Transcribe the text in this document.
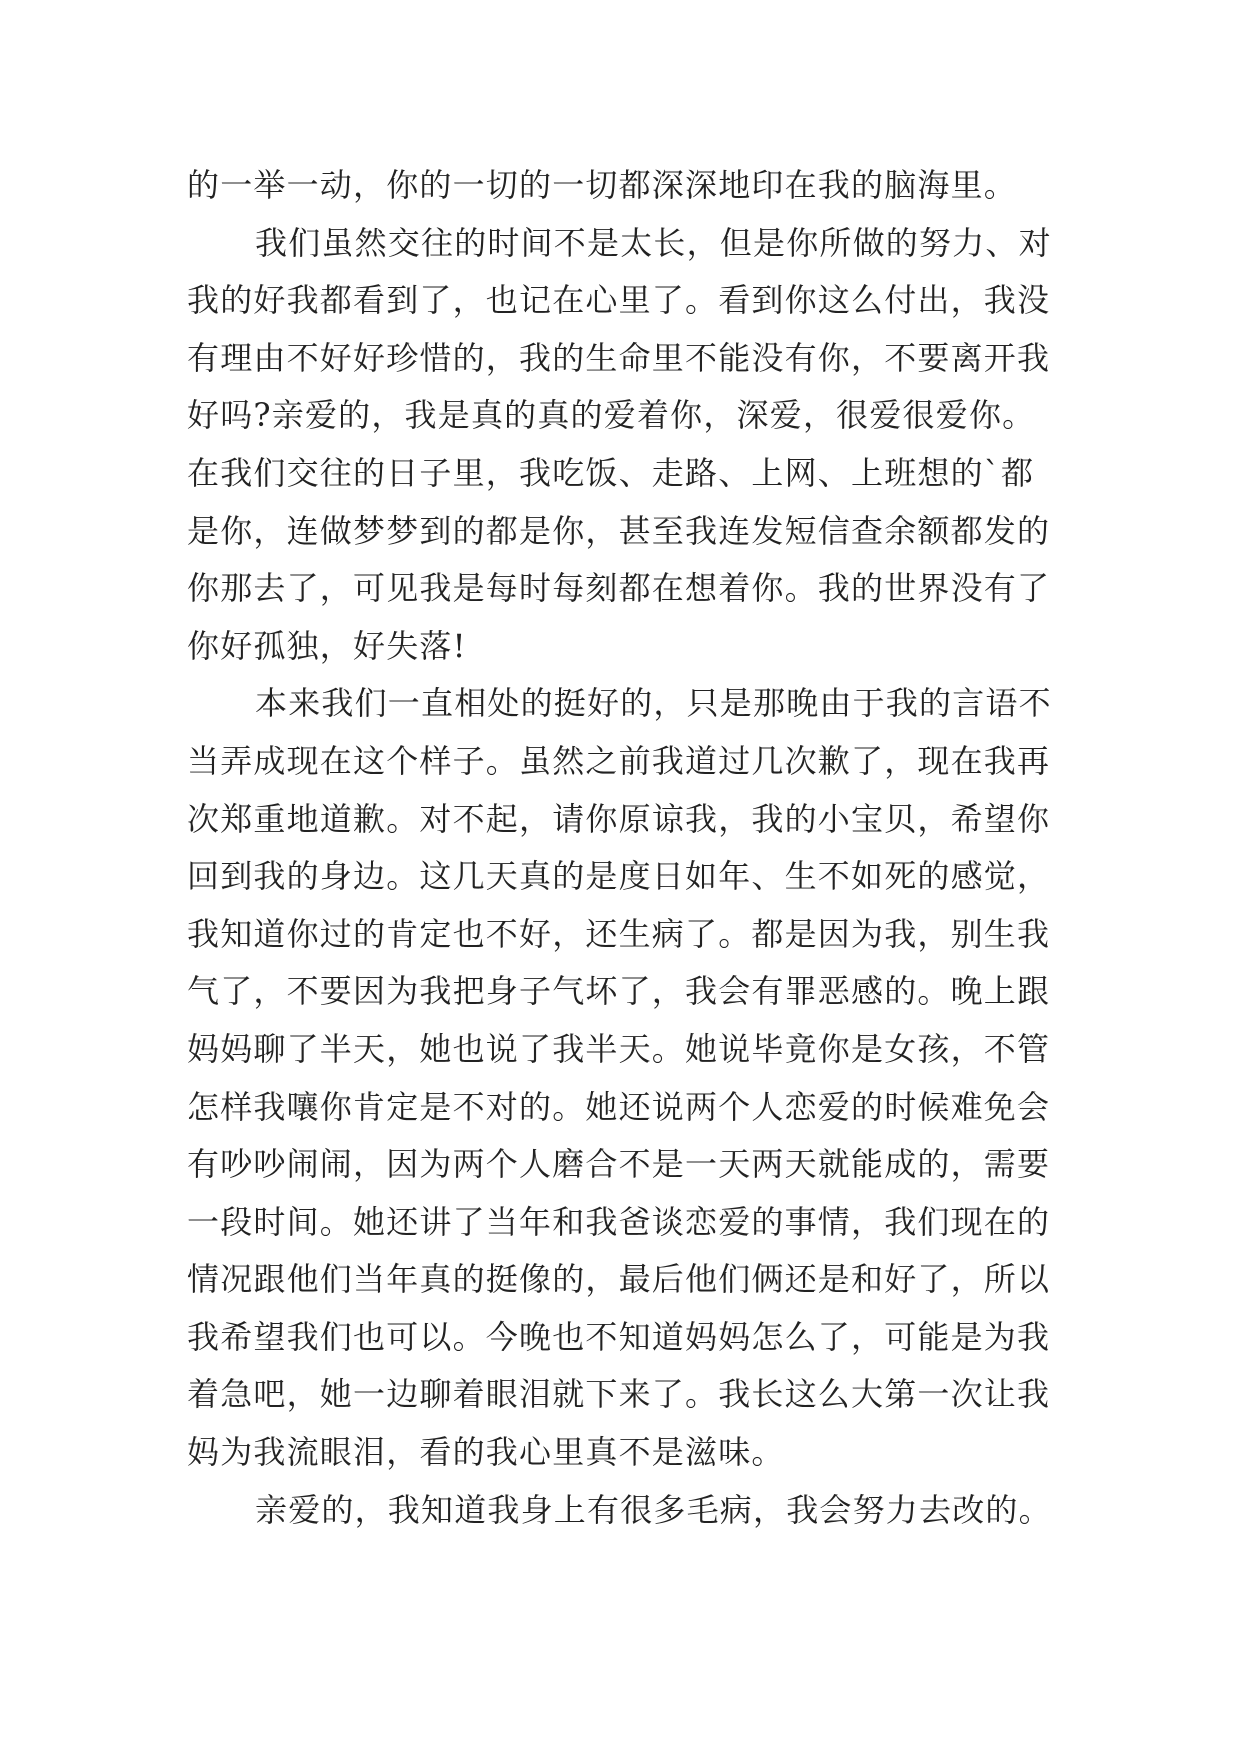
的一举一动，你的一切的一切都深深地印在我的脑海里。
我们虽然交往的时间不是太长，但是你所做的努力、对
我的好我都看到了，也记在心里了。看到你这么付出，我没
有理由不好好珍惜的，我的生命里不能没有你，不要离开我
好吗?亲爱的，我是真的真的爱着你，深爱，很爱很爱你。
在我们交往的日子里，我吃饭、走路、上网、上班想的`都
是你，连做梦梦到的都是你，甚至我连发短信查余额都发的
你那去了，可见我是每时每刻都在想着你。我的世界没有了
你好孤独，好失落!
本来我们一直相处的挺好的，只是那晚由于我的言语不
当弄成现在这个样子。虽然之前我道过几次歉了，现在我再
次郑重地道歉。对不起，请你原谅我，我的小宝贝，希望你
回到我的身边。这几天真的是度日如年、生不如死的感觉，
我知道你过的肯定也不好，还生病了。都是因为我，别生我
气了，不要因为我把身子气坏了，我会有罪恶感的。晚上跟
妈妈聊了半天，她也说了我半天。她说毕竟你是女孩，不管
怎样我嚷你肯定是不对的。她还说两个人恋爱的时候难免会
有吵吵闹闹，因为两个人磨合不是一天两天就能成的，需要
一段时间。她还讲了当年和我爸谈恋爱的事情，我们现在的
情况跟他们当年真的挺像的，最后他们俩还是和好了，所以
我希望我们也可以。今晚也不知道妈妈怎么了，可能是为我
着急吧，她一边聊着眼泪就下来了。我长这么大第一次让我
妈为我流眼泪，看的我心里真不是滋味。
亲爱的，我知道我身上有很多毛病，我会努力去改的。
